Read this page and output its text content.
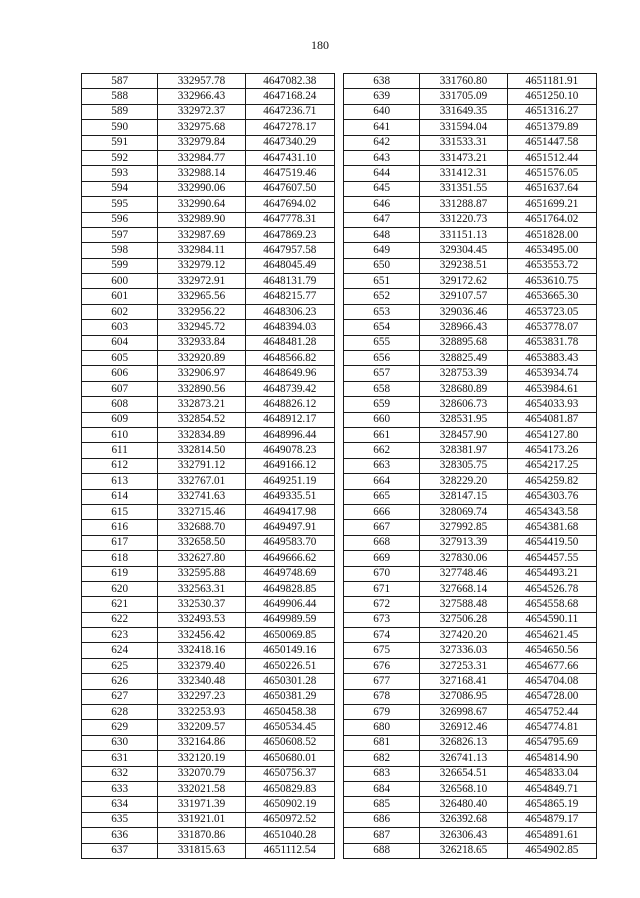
180
587	332957.78	4647082.38
588	332966.43	4647168.24
589	332972.37	4647236.71
590	332975.68	4647278.17
591	332979.84	4647340.29
592	332984.77	4647431.10
593	332988.14	4647519.46
594	332990.06	4647607.50
595	332990.64	4647694.02
596	332989.90	4647778.31
597	332987.69	4647869.23
598	332984.11	4647957.58
599	332979.12	4648045.49
600	332972.91	4648131.79
601	332965.56	4648215.77
602	332956.22	4648306.23
603	332945.72	4648394.03
604	332933.84	4648481.28
605	332920.89	4648566.82
606	332906.97	4648649.96
607	332890.56	4648739.42
608	332873.21	4648826.12
609	332854.52	4648912.17
610	332834.89	4648996.44
611	332814.50	4649078.23
612	332791.12	4649166.12
613	332767.01	4649251.19
614	332741.63	4649335.51
615	332715.46	4649417.98
616	332688.70	4649497.91
617	332658.50	4649583.70
618	332627.80	4649666.62
619	332595.88	4649748.69
620	332563.31	4649828.85
621	332530.37	4649906.44
622	332493.53	4649989.59
623	332456.42	4650069.85
624	332418.16	4650149.16
625	332379.40	4650226.51
626	332340.48	4650301.28
627	332297.23	4650381.29
628	332253.93	4650458.38
629	332209.57	4650534.45
630	332164.86	4650608.52
631	332120.19	4650680.01
632	332070.79	4650756.37
633	332021.58	4650829.83
634	331971.39	4650902.19
635	331921.01	4650972.52
636	331870.86	4651040.28
637	331815.63	4651112.54
638	331760.80	4651181.91
639	331705.09	4651250.10
640	331649.35	4651316.27
641	331594.04	4651379.89
642	331533.31	4651447.58
643	331473.21	4651512.44
644	331412.31	4651576.05
645	331351.55	4651637.64
646	331288.87	4651699.21
647	331220.73	4651764.02
648	331151.13	4651828.00
649	329304.45	4653495.00
650	329238.51	4653553.72
651	329172.62	4653610.75
652	329107.57	4653665.30
653	329036.46	4653723.05
654	328966.43	4653778.07
655	328895.68	4653831.78
656	328825.49	4653883.43
657	328753.39	4653934.74
658	328680.89	4653984.61
659	328606.73	4654033.93
660	328531.95	4654081.87
661	328457.90	4654127.80
662	328381.97	4654173.26
663	328305.75	4654217.25
664	328229.20	4654259.82
665	328147.15	4654303.76
666	328069.74	4654343.58
667	327992.85	4654381.68
668	327913.39	4654419.50
669	327830.06	4654457.55
670	327748.46	4654493.21
671	327668.14	4654526.78
672	327588.48	4654558.68
673	327506.28	4654590.11
674	327420.20	4654621.45
675	327336.03	4654650.56
676	327253.31	4654677.66
677	327168.41	4654704.08
678	327086.95	4654728.00
679	326998.67	4654752.44
680	326912.46	4654774.81
681	326826.13	4654795.69
682	326741.13	4654814.90
683	326654.51	4654833.04
684	326568.10	4654849.71
685	326480.40	4654865.19
686	326392.68	4654879.17
687	326306.43	4654891.61
688	326218.65	4654902.85
